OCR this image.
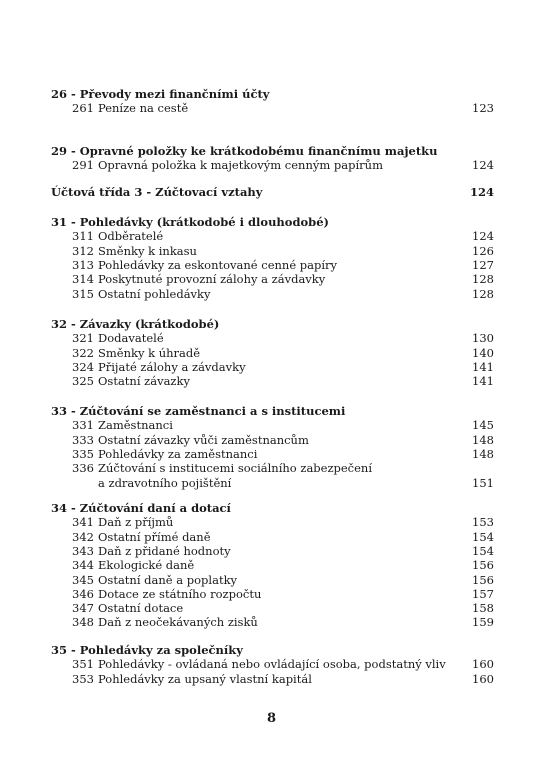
26 - Převody mezi finančními účty
261 Peníze na cestě	123
29 - Opravné položky ke krátkodobému finančnímu majetku
291 Opravná položka k majetkovým cenným papírům	124
Účtová třída 3 - Zúčtovací vztahy	124
31 - Pohledávky (krátkodobé i dlouhodobé)
311 Odběratelé	124
312 Směnky k inkasu	126
313 Pohledávky za eskontované cenné papíry	127
314 Poskytnuté provozní zálohy a závdavky	128
315 Ostatní pohledávky	128
32 - Závazky (krátkodobé)
321 Dodavatelé	130
322 Směnky k úhradě	140
324 Přijaté zálohy a závdavky	141
325 Ostatní závazky	141
33 - Zúčtování se zaměstnanci a s institucemi
331 Zaměstnanci	145
333 Ostatní závazky vůči zaměstnancům	148
335 Pohledávky za zaměstnanci	148
336 Zúčtování s institucemi sociálního zabezpečení
a zdravotního pojištění	151
34 - Zúčtování daní a dotací
341 Daň z příjmů	153
342 Ostatní přímé daně	154
343 Daň z přidané hodnoty	154
344 Ekologické daně	156
345 Ostatní daně a poplatky	156
346 Dotace ze státního rozpočtu	157
347 Ostatní dotace	158
348 Daň z neočekávaných zisků	159
35 - Pohledávky za společníky
351 Pohledávky - ovládaná nebo ovládající osoba, podstatný vliv 160
353 Pohledávky za upsaný vlastní kapitál	160
8
